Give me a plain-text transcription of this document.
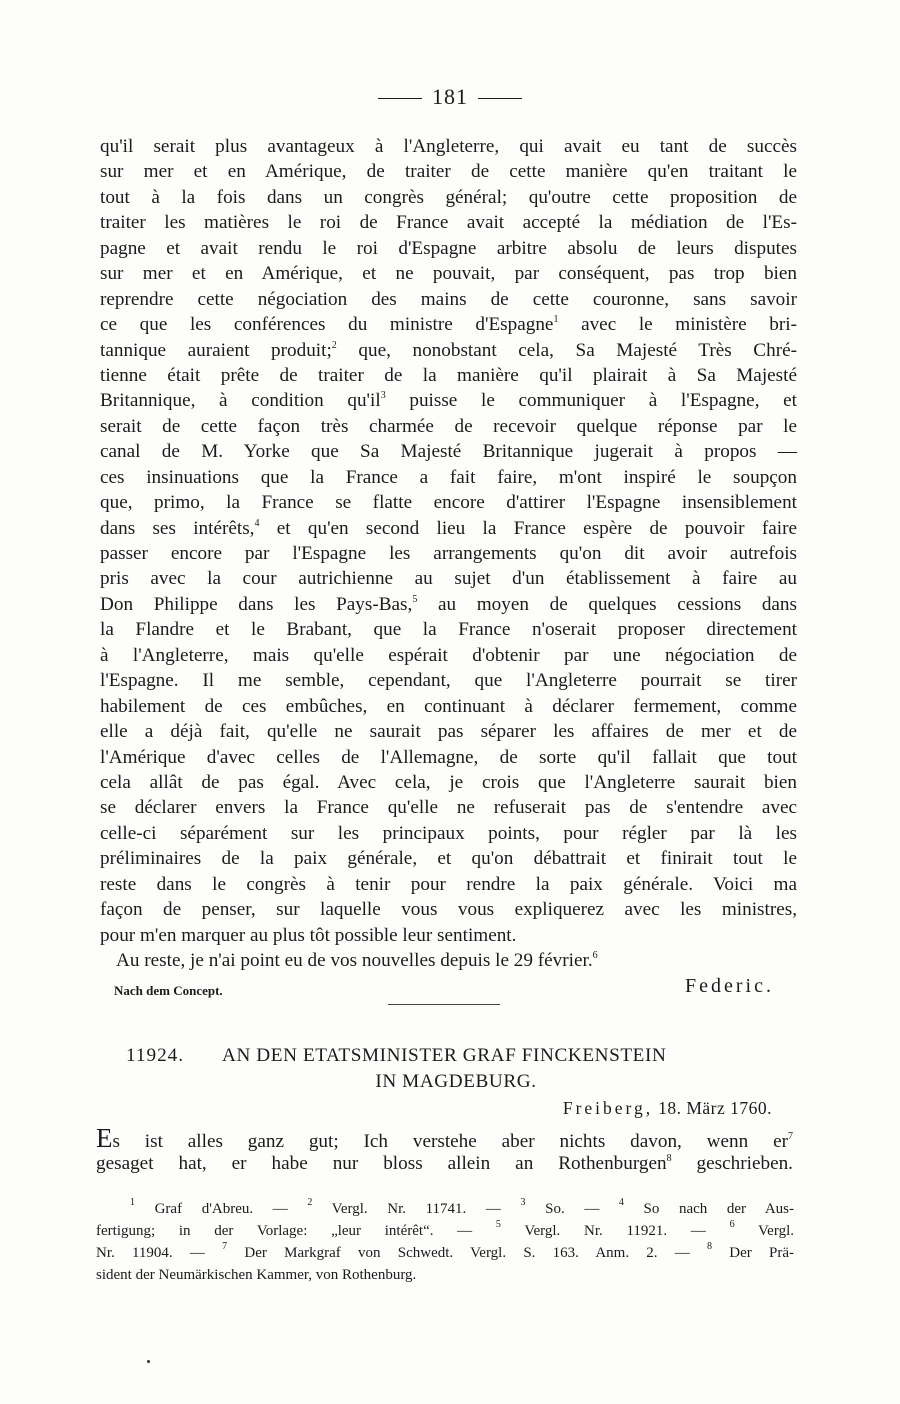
181
qu'il serait plus avantageux à l'Angleterre, qui avait eu tant de succès
sur mer et en Amérique, de traiter de cette manière qu'en traitant le
tout à la fois dans un congrès général; qu'outre cette proposition de
traiter les matières le roi de France avait accepté la médiation de l'Es-
pagne et avait rendu le roi d'Espagne arbitre absolu de leurs disputes
sur mer et en Amérique, et ne pouvait, par conséquent, pas trop bien
reprendre cette négociation des mains de cette couronne, sans savoir
ce que les conférences du ministre d'Espagne$^1$ avec le ministère bri-
tannique auraient produit;$^2$ que, nonobstant cela, Sa Majesté Très Chré-
tienne était prête de traiter de la manière qu'il plairait à Sa Majesté
Britannique, à condition $qu'il^3$ puisse le communiquer à l'Espagne, et
serait de cette façon très charmée de recevoir quelque réponse par le
canal de M. Yorke que Sa Majesté Britannique jugerait à propos —
ces insinuations que la France a fait faire, m'ont inspiré le soupçon
que, primo, la France se flatte encore d'attirer l'Espagne insensiblement
dans ses intérêts,$^4$ et qu'en second lieu la France espère de pouvoir faire
passer encore par l'Espagne les arrangements qu'on dit avoir autrefois
pris avec la cour autrichienne au sujet d'un établissement à faire au
Don Philippe dans les Pays-Bas,$^5$ au moyen de quelques cessions dans
la Flandre et le Brabant, que la France n'oserait proposer directement
à l'Angleterre, mais qu'elle espérait d'obtenir par une négociation de
l'Espagne. Il me semble, cependant, que l'Angleterre pourrait se tirer
habilement de ces embûches, en continuant à déclarer fermement, comme
elle a déjà fait, qu'elle ne saurait pas séparer les affaires de mer et de
l'Amérique d'avec celles de l'Allemagne, de sorte qu'il fallait que tout
cela allât de pas égal. Avec cela, je crois que l'Angleterre saurait bien
se déclarer envers la France qu'elle ne refuserait pas de s'entendre avec
celle-ci séparément sur les principaux points, pour régler par là les
préliminaires de la paix générale, et qu'on débattrait et finirait tout le
reste dans le congrès à tenir pour rendre la paix générale. Voici ma
façon de penser, sur laquelle vous vous expliquerez avec les ministres,
pour m'en marquer au plus tôt possible leur sentiment.
Au reste, je n'ai point eu de vos nouvelles depuis le 29 février.$^6$
Nach dem Concept.	Federic.
11924.	AN DEN ETATSMINISTER GRAF FINCKENSTEIN
IN MAGDEBURG.
Freiberg, 18. März 1760.
Es ist alles ganz gut; Ich verstehe aber nichts davon, wenn $er^7$
gesaget hat, er habe nur bloss allein an Rothenburgen$^8$ geschrieben.
$^1$ Graf d'Abreu. — $^2$ Vergl. Nr. 11741. — $^3$ So. — $^4$ So nach der Aus-
fertigung; in der Vorlage: „leur intérêt“. — $^5$ Vergl. Nr. 11921. — $^6$ Vergl.
Nr. 11904. — $^7$ Der Markgraf von Schwedt. Vergl. S. 163. Anm. 2. — $^8$ Der Prä-
sident der Neumärkischen Kammer, von Rothenburg.
